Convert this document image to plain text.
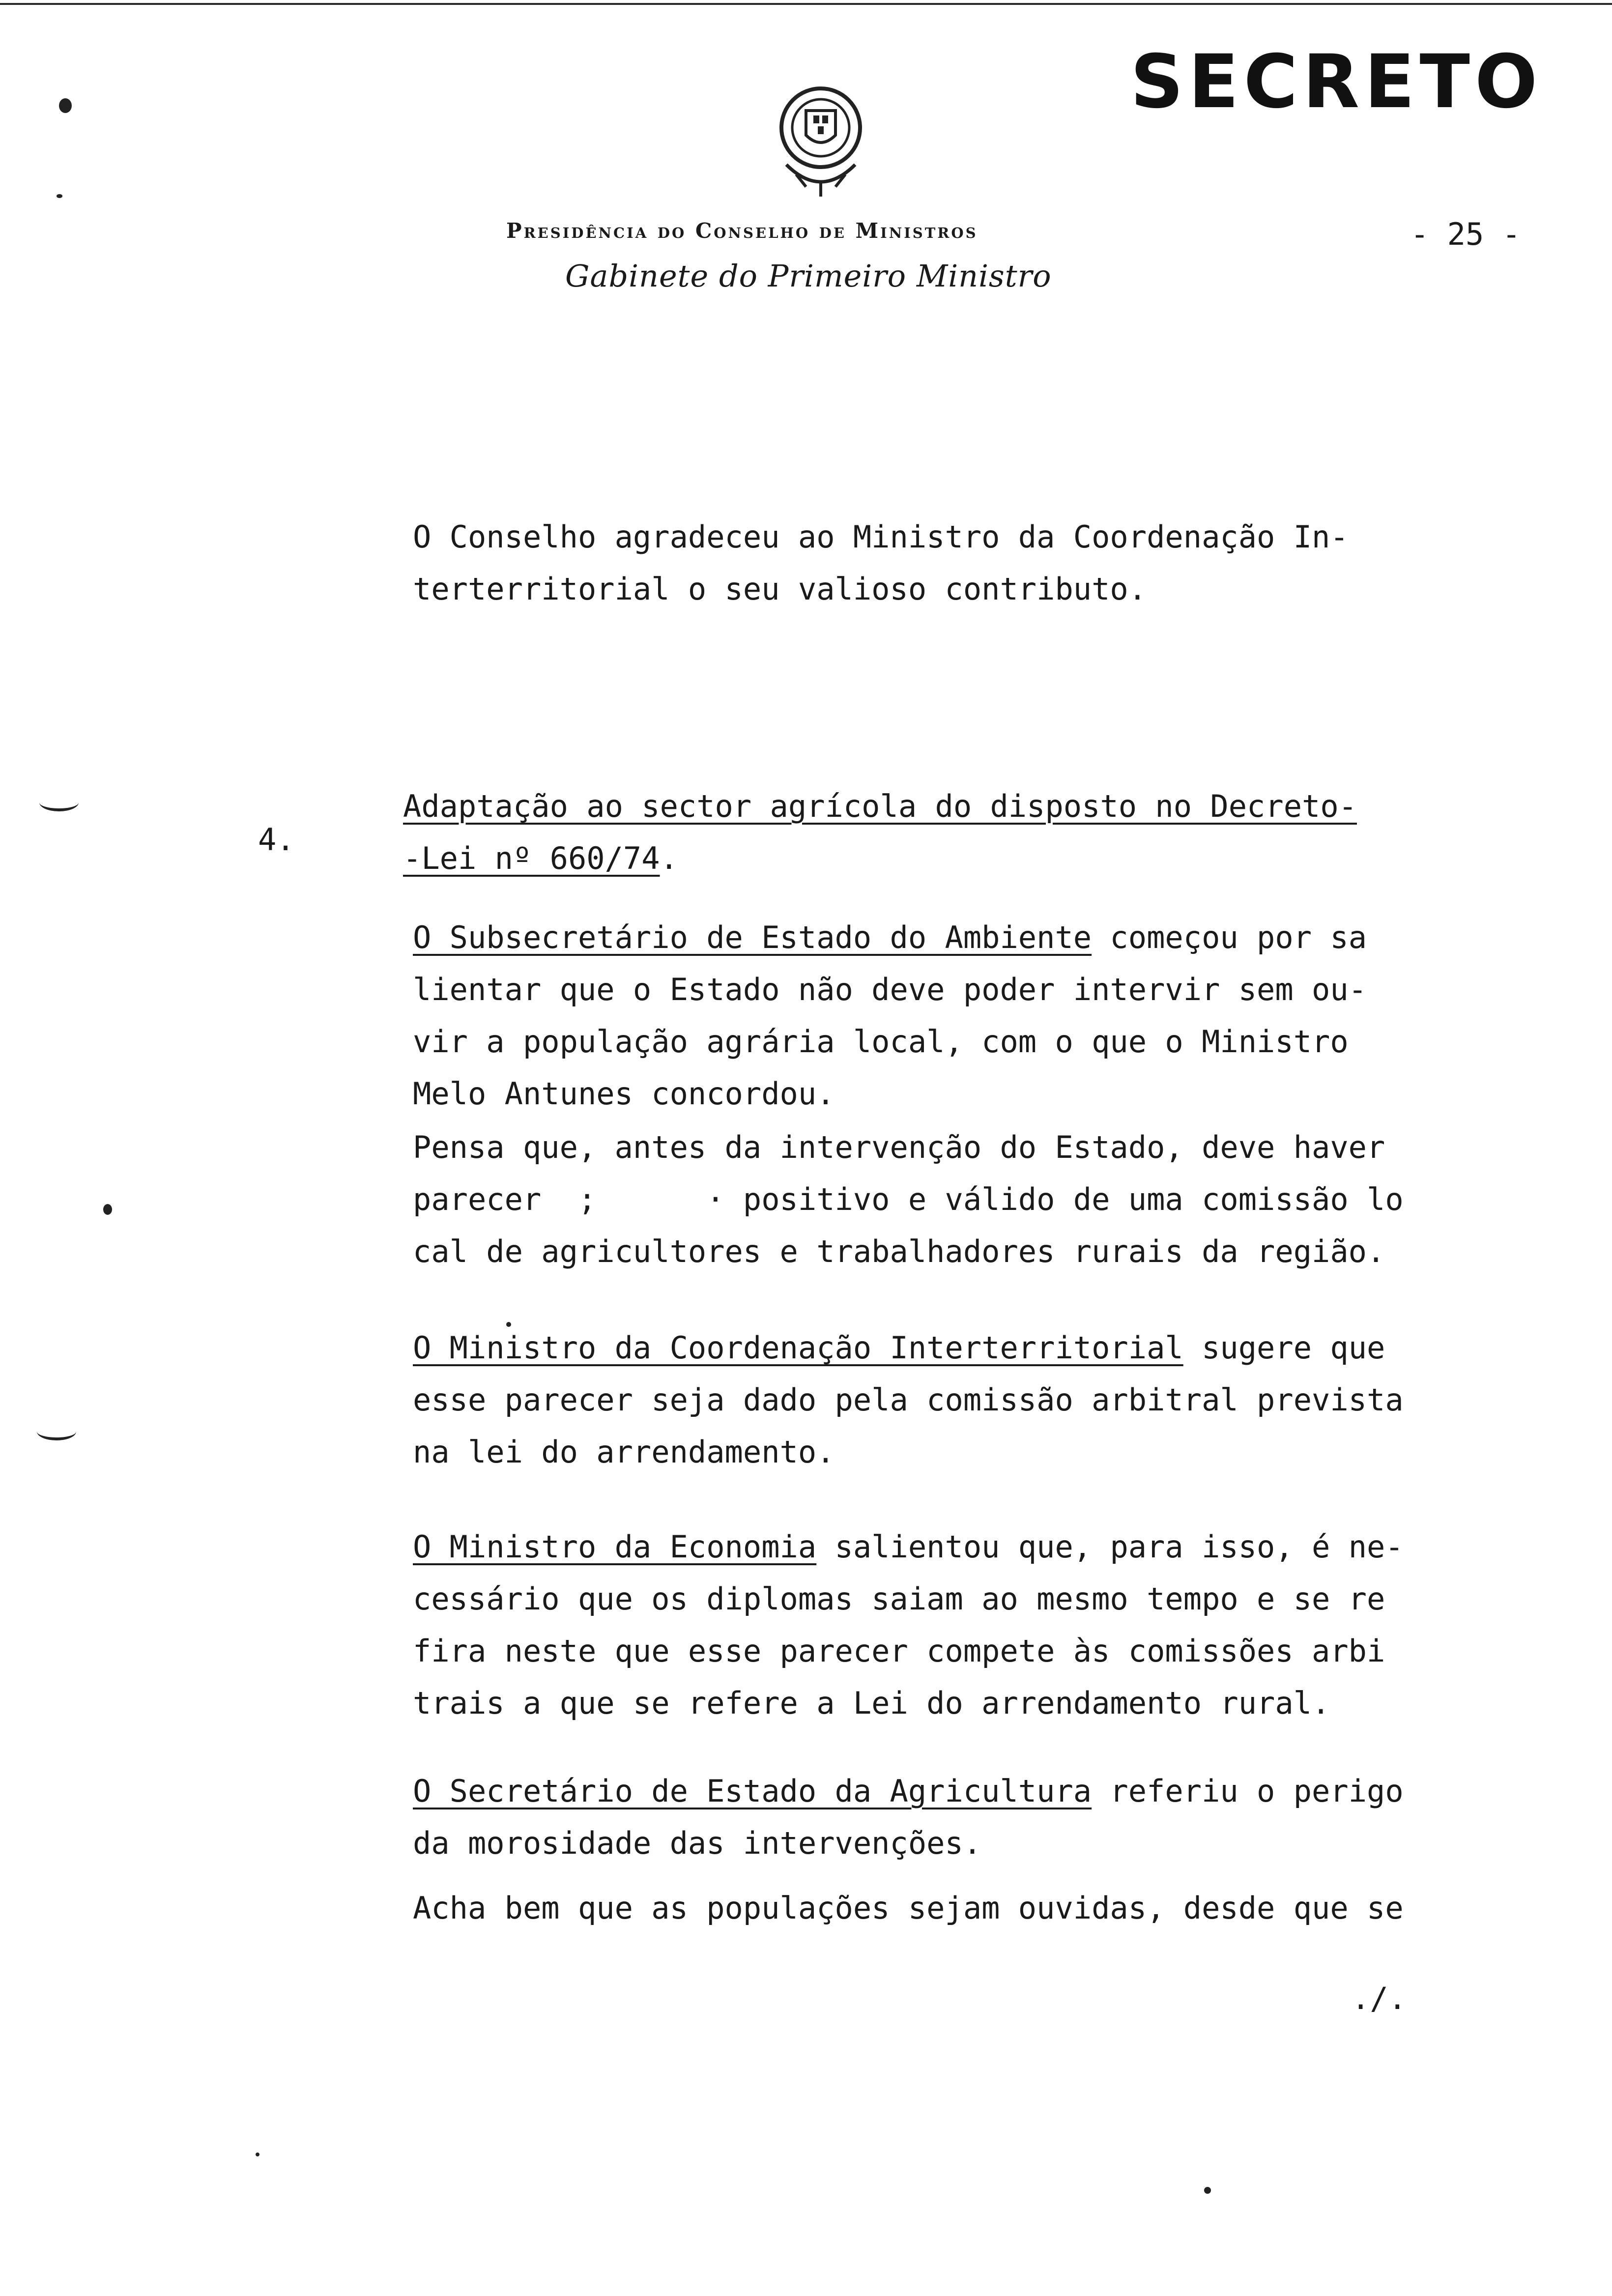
SECRETO
Presidência do Conselho de Ministros
Gabinete do Primeiro Ministro
- 25 -

O Conselho agradeceu ao Ministro da Coordenação In-
terterritorial o seu valioso contributo.

4.

Adaptação ao sector agrícola do disposto no Decreto-
-Lei nº 660/74.

O Subsecretário de Estado do Ambiente começou por sa
lientar que o Estado não deve poder intervir sem ou-
vir a população agrária local, com o que o Ministro
Melo Antunes concordou.

Pensa que, antes da intervenção do Estado, deve haver
parecer  ;      · positivo e válido de uma comissão lo
cal de agricultores e trabalhadores rurais da região.

O Ministro da Coordenação Interterritorial sugere que
esse parecer seja dado pela comissão arbitral prevista
na lei do arrendamento.

O Ministro da Economia salientou que, para isso, é ne-
cessário que os diplomas saiam ao mesmo tempo e se re
fira neste que esse parecer compete às comissões arbi
trais a que se refere a Lei do arrendamento rural.

O Secretário de Estado da Agricultura referiu o perigo
da morosidade das intervenções.

Acha bem que as populações sejam ouvidas, desde que se

./.
